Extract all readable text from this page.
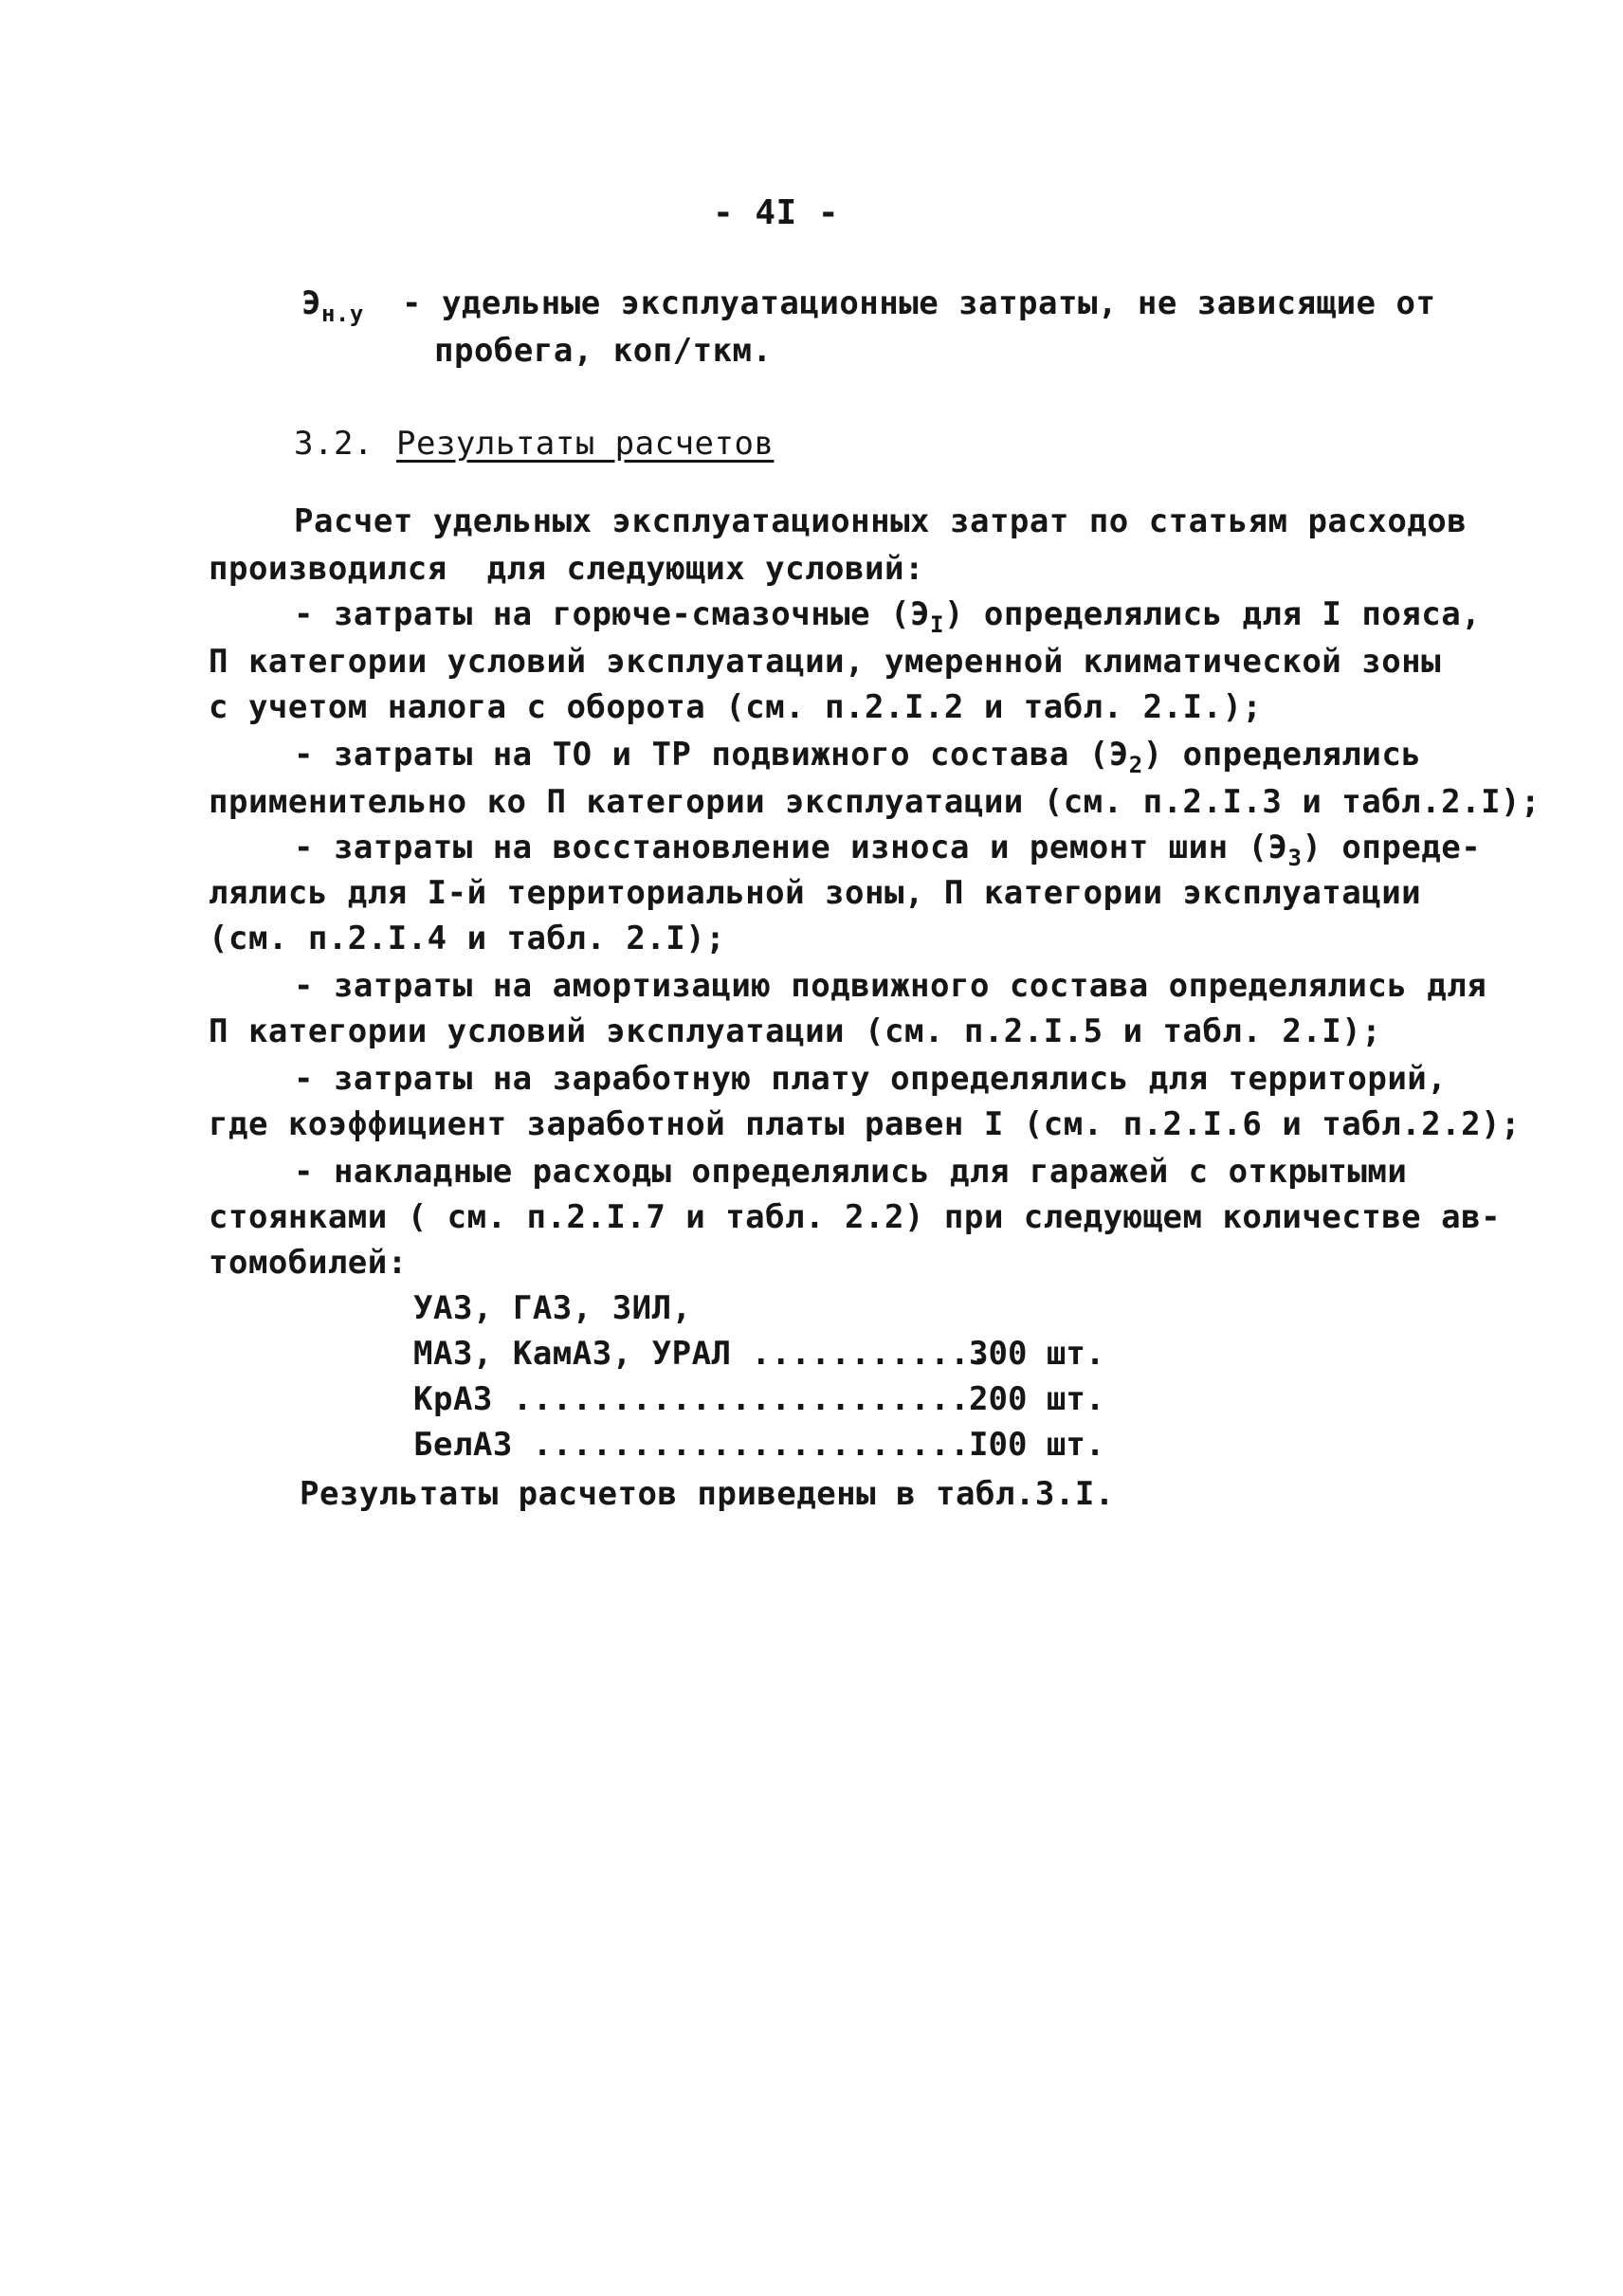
- 4I -
$Э_{н.у}$ - удельные эксплуатационные затраты, не зависящие от
пробега, коп/ткм.
3.2. Результаты расчетов
Расчет удельных эксплуатационных затрат по статьям расходов
производился  для следующих условий:
- затраты на горюче-смазочные $(Э_I)$ определялись для I пояса,
П категории условий эксплуатации, умеренной климатической зоны
с учетом налога с оборота (см. п.2.I.2 и табл. 2.I.);
- затраты на ТО и ТР подвижного состава $(Э_2)$ определялись
применительно ко П категории эксплуатации (см. п.2.I.3 и табл.2.I);
- затраты на восстановление износа и ремонт шин $(Э_3)$ опреде-
лялись для I-й территориальной зоны, П категории эксплуатации
(см. п.2.I.4 и табл. 2.I);
- затраты на амортизацию подвижного состава определялись для
П категории условий эксплуатации (см. п.2.I.5 и табл. 2.I);
- затраты на заработную плату определялись для территорий,
где коэффициент заработной платы равен I (см. п.2.I.6 и табл.2.2);
- накладные расходы определялись для гаражей с открытыми
стоянками ( см. п.2.I.7 и табл. 2.2) при следующем количестве ав-
томобилей:
УАЗ, ГАЗ, ЗИЛ,
МАЗ, КамАЗ, УРАЛ ............
300 шт.
КрАЗ .......................
200 шт.
БелАЗ ......................
I00 шт.
Результаты расчетов приведены в табл.3.I.
